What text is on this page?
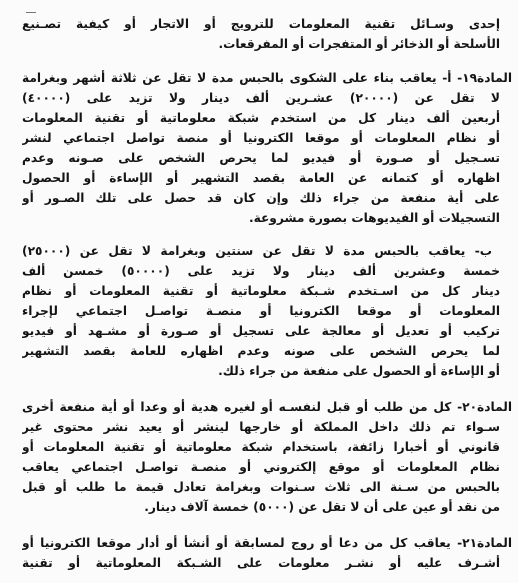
إحدى وسـائل تقنية المعلومات للترويج أو الاتجار أو كيفية تصـنيع
الأسلحة أو الذخائر أو المتفجرات أو المفرقعات.
المادة١٩- أ- يعاقب بناء على الشكوى بالحبس مدة لا تقل عن ثلاثة أشهر وبغرامة
لا تقل عن (٢٠٠٠٠) عشـرين ألف دينار ولا تزيد على (٤٠٠٠٠)
أربعين ألف دينار كل من استخدم شبكة معلوماتية أو تقنية المعلومات
أو نظام المعلومات أو موقعا الكترونيا أو منصة تواصل اجتماعي لنشر
تسـجيل أو صـورة أو فيديو لما يحرص الشخص على صـونه وعدم
اظهاره أو كتمانه عن العامة بقصد التشهير أو الإساءة أو الحصول
على أية منفعة من جراء ذلك وإن كان قد حصل على تلك الصـور أو
التسجيلات أو الفيديوهات بصورة مشروعة.
ب- يعاقب بالحبس مدة لا تقل عن سنتين وبغرامة لا تقل عن (٢٥٠٠٠)
خمسة وعشرين ألف دينار ولا تزيد على (٥٠٠٠٠) خمسن ألف
دينار كل من اسـتخدم شـبكة معلوماتية أو تقنية المعلومات أو نظام
المعلومات أو موقعا الكترونيا أو منصـة تواصـل اجتماعي لإجراء
تركيب أو تعديل أو معالجة على تسجيل أو صـورة أو مشـهد أو فيديو
لما يحرص الشخص على صونه وعدم اظهاره للعامة بقصد التشهير
أو الإساءة أو الحصول على منفعة من جراء ذلك.
المادة٢٠- كل من طلب أو قبل لنفسـه أو لغيره هدية أو وعدا أو أية منفعة أخرى
سـواء تم ذلك داخل المملكة أو خارجها لينشر أو يعيد نشر محتوى غير
قانوني أو أخبارا زائفة، باستخدام شبكة معلوماتية أو تقنية المعلومات أو
نظام المعلومات أو موقع إلكتروني أو منصـة تواصـل اجتماعي يعاقب
بالحبس من سـنة الى ثلاث سـنوات وبغرامة تعادل قيمة ما طلب أو قبل
من نقد أو عين على أن لا تقل عن (٥٠٠٠) خمسة آلاف دينار.
المادة٢١- يعاقب كل من دعا أو روج لمسابقة أو أنشأ أو أدار موقعا الكترونيا أو
أشـرف عليه أو نشـر معلومات على الشـبكة المعلوماتية أو تقنية
